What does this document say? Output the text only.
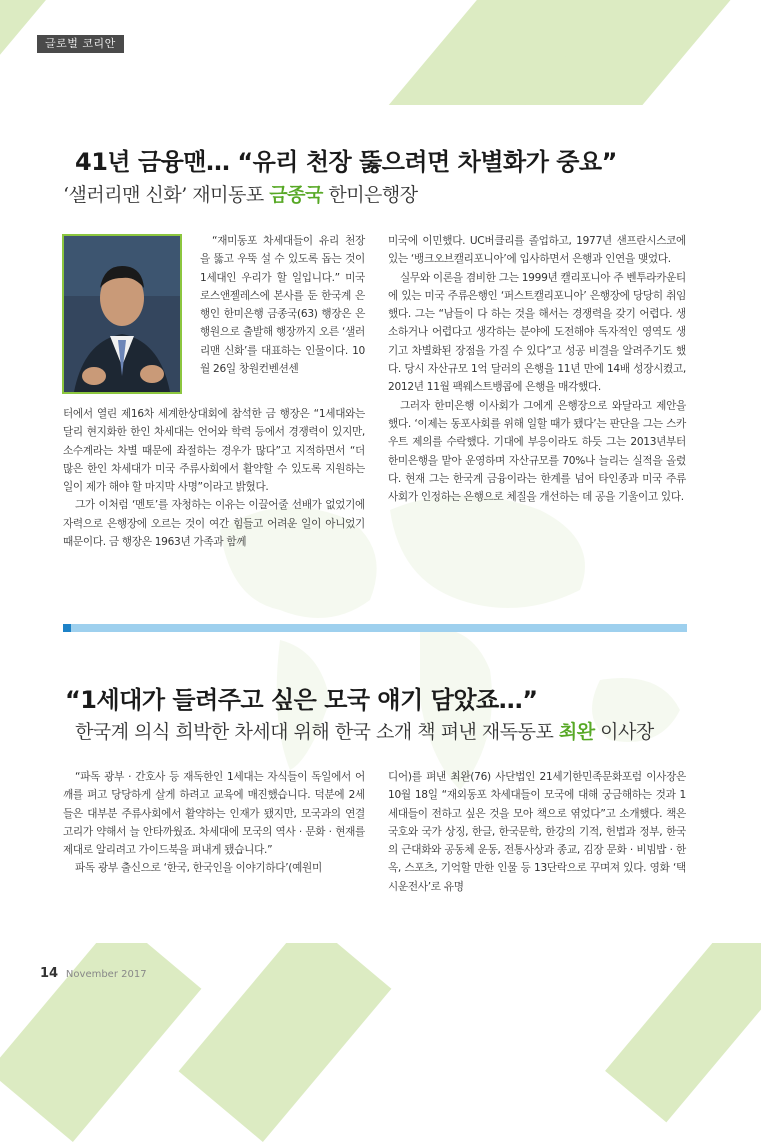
글로벌 코리안
41년 금융맨… “유리 천장 뚫으려면 차별화가 중요”
‘샐러리맨 신화’ 재미동포 금종국 한미은행장

“재미동포 차세대들이 유리 천장을 뚫고 우뚝 설 수 있도록 돕는 것이 1세대인 우리가 할 일입니다.” 미국 로스앤젤레스에 본사를 둔 한국계 은행인 한미은행 금종국(63) 행장은 은행원으로 출발해 행장까지 오른 ‘샐러리맨 신화’를 대표하는 인물이다. 10월 26일 창원컨벤션센

터에서 열린 제16차 세계한상대회에 참석한 금 행장은 “1세대와는 달리 현지화한 한인 차세대는 언어와 학력 등에서 경쟁력이 있지만, 소수계라는 차별 때문에 좌절하는 경우가 많다”고 지적하면서 “더 많은 한인 차세대가 미국 주류사회에서 활약할 수 있도록 지원하는 일이 제가 해야 할 마지막 사명”이라고 밝혔다.

그가 이처럼 ‘멘토’를 자청하는 이유는 이끌어줄 선배가 없었기에 자력으로 은행장에 오르는 것이 여간 힘들고 어려운 일이 아니었기 때문이다. 금 행장은 1963년 가족과 함께

미국에 이민했다. UC버클리를 졸업하고, 1977년 샌프란시스코에 있는 ‘뱅크오브캘리포니아’에 입사하면서 은행과 인연을 맺었다.

실무와 이론을 겸비한 그는 1999년 캘리포니아 주 벤투라카운티에 있는 미국 주류은행인 ‘퍼스트캘리포니아’ 은행장에 당당히 취임했다. 그는 “남들이 다 하는 것을 해서는 경쟁력을 갖기 어렵다. 생소하거나 어렵다고 생각하는 분야에 도전해야 독자적인 영역도 생기고 차별화된 장점을 가질 수 있다”고 성공 비결을 알려주기도 했다. 당시 자산규모 1억 달러의 은행을 11년 만에 14배 성장시켰고, 2012년 11월 팩웨스트뱅콥에 은행을 매각했다.

그러자 한미은행 이사회가 그에게 은행장으로 와달라고 제안을 했다. ‘이제는 동포사회를 위해 일할 때가 됐다’는 판단을 그는 스카우트 제의를 수락했다. 기대에 부응이라도 하듯 그는 2013년부터 한미은행을 맡아 운영하며 자산규모를 70%나 늘리는 실적을 올렸다. 현재 그는 한국계 금융이라는 한계를 넘어 타인종과 미국 주류사회가 인정하는 은행으로 체질을 개선하는 데 공을 기울이고 있다.

“1세대가 들려주고 싶은 모국 얘기 담았죠…”
한국계 의식 희박한 차세대 위해 한국 소개 책 펴낸 재독동포 최완 이사장

“파독 광부 · 간호사 등 재독한인 1세대는 자식들이 독일에서 어깨를 펴고 당당하게 살게 하려고 교육에 매진했습니다. 덕분에 2세들은 대부분 주류사회에서 활약하는 인재가 됐지만, 모국과의 연결고리가 약해서 늘 안타까웠죠. 차세대에 모국의 역사 · 문화 · 현재를 제대로 알리려고 가이드북을 펴내게 됐습니다.”

파독 광부 출신으로 ‘한국, 한국인을 이야기하다’(예원미

디어)를 펴낸 최완(76) 사단법인 21세기한민족문화포럼 이사장은 10월 18일 “재외동포 차세대들이 모국에 대해 궁금해하는 것과 1세대들이 전하고 싶은 것을 모아 책으로 엮었다”고 소개했다. 책은 국호와 국가 상징, 한글, 한국문학, 한강의 기적, 헌법과 정부, 한국의 근대화와 공동체 운동, 전통사상과 종교, 김장 문화 · 비빔밥 · 한옥, 스포츠, 기억할 만한 인물 등 13단락으로 꾸며져 있다. 영화 ‘택시운전사’로 유명

14 November 2017
